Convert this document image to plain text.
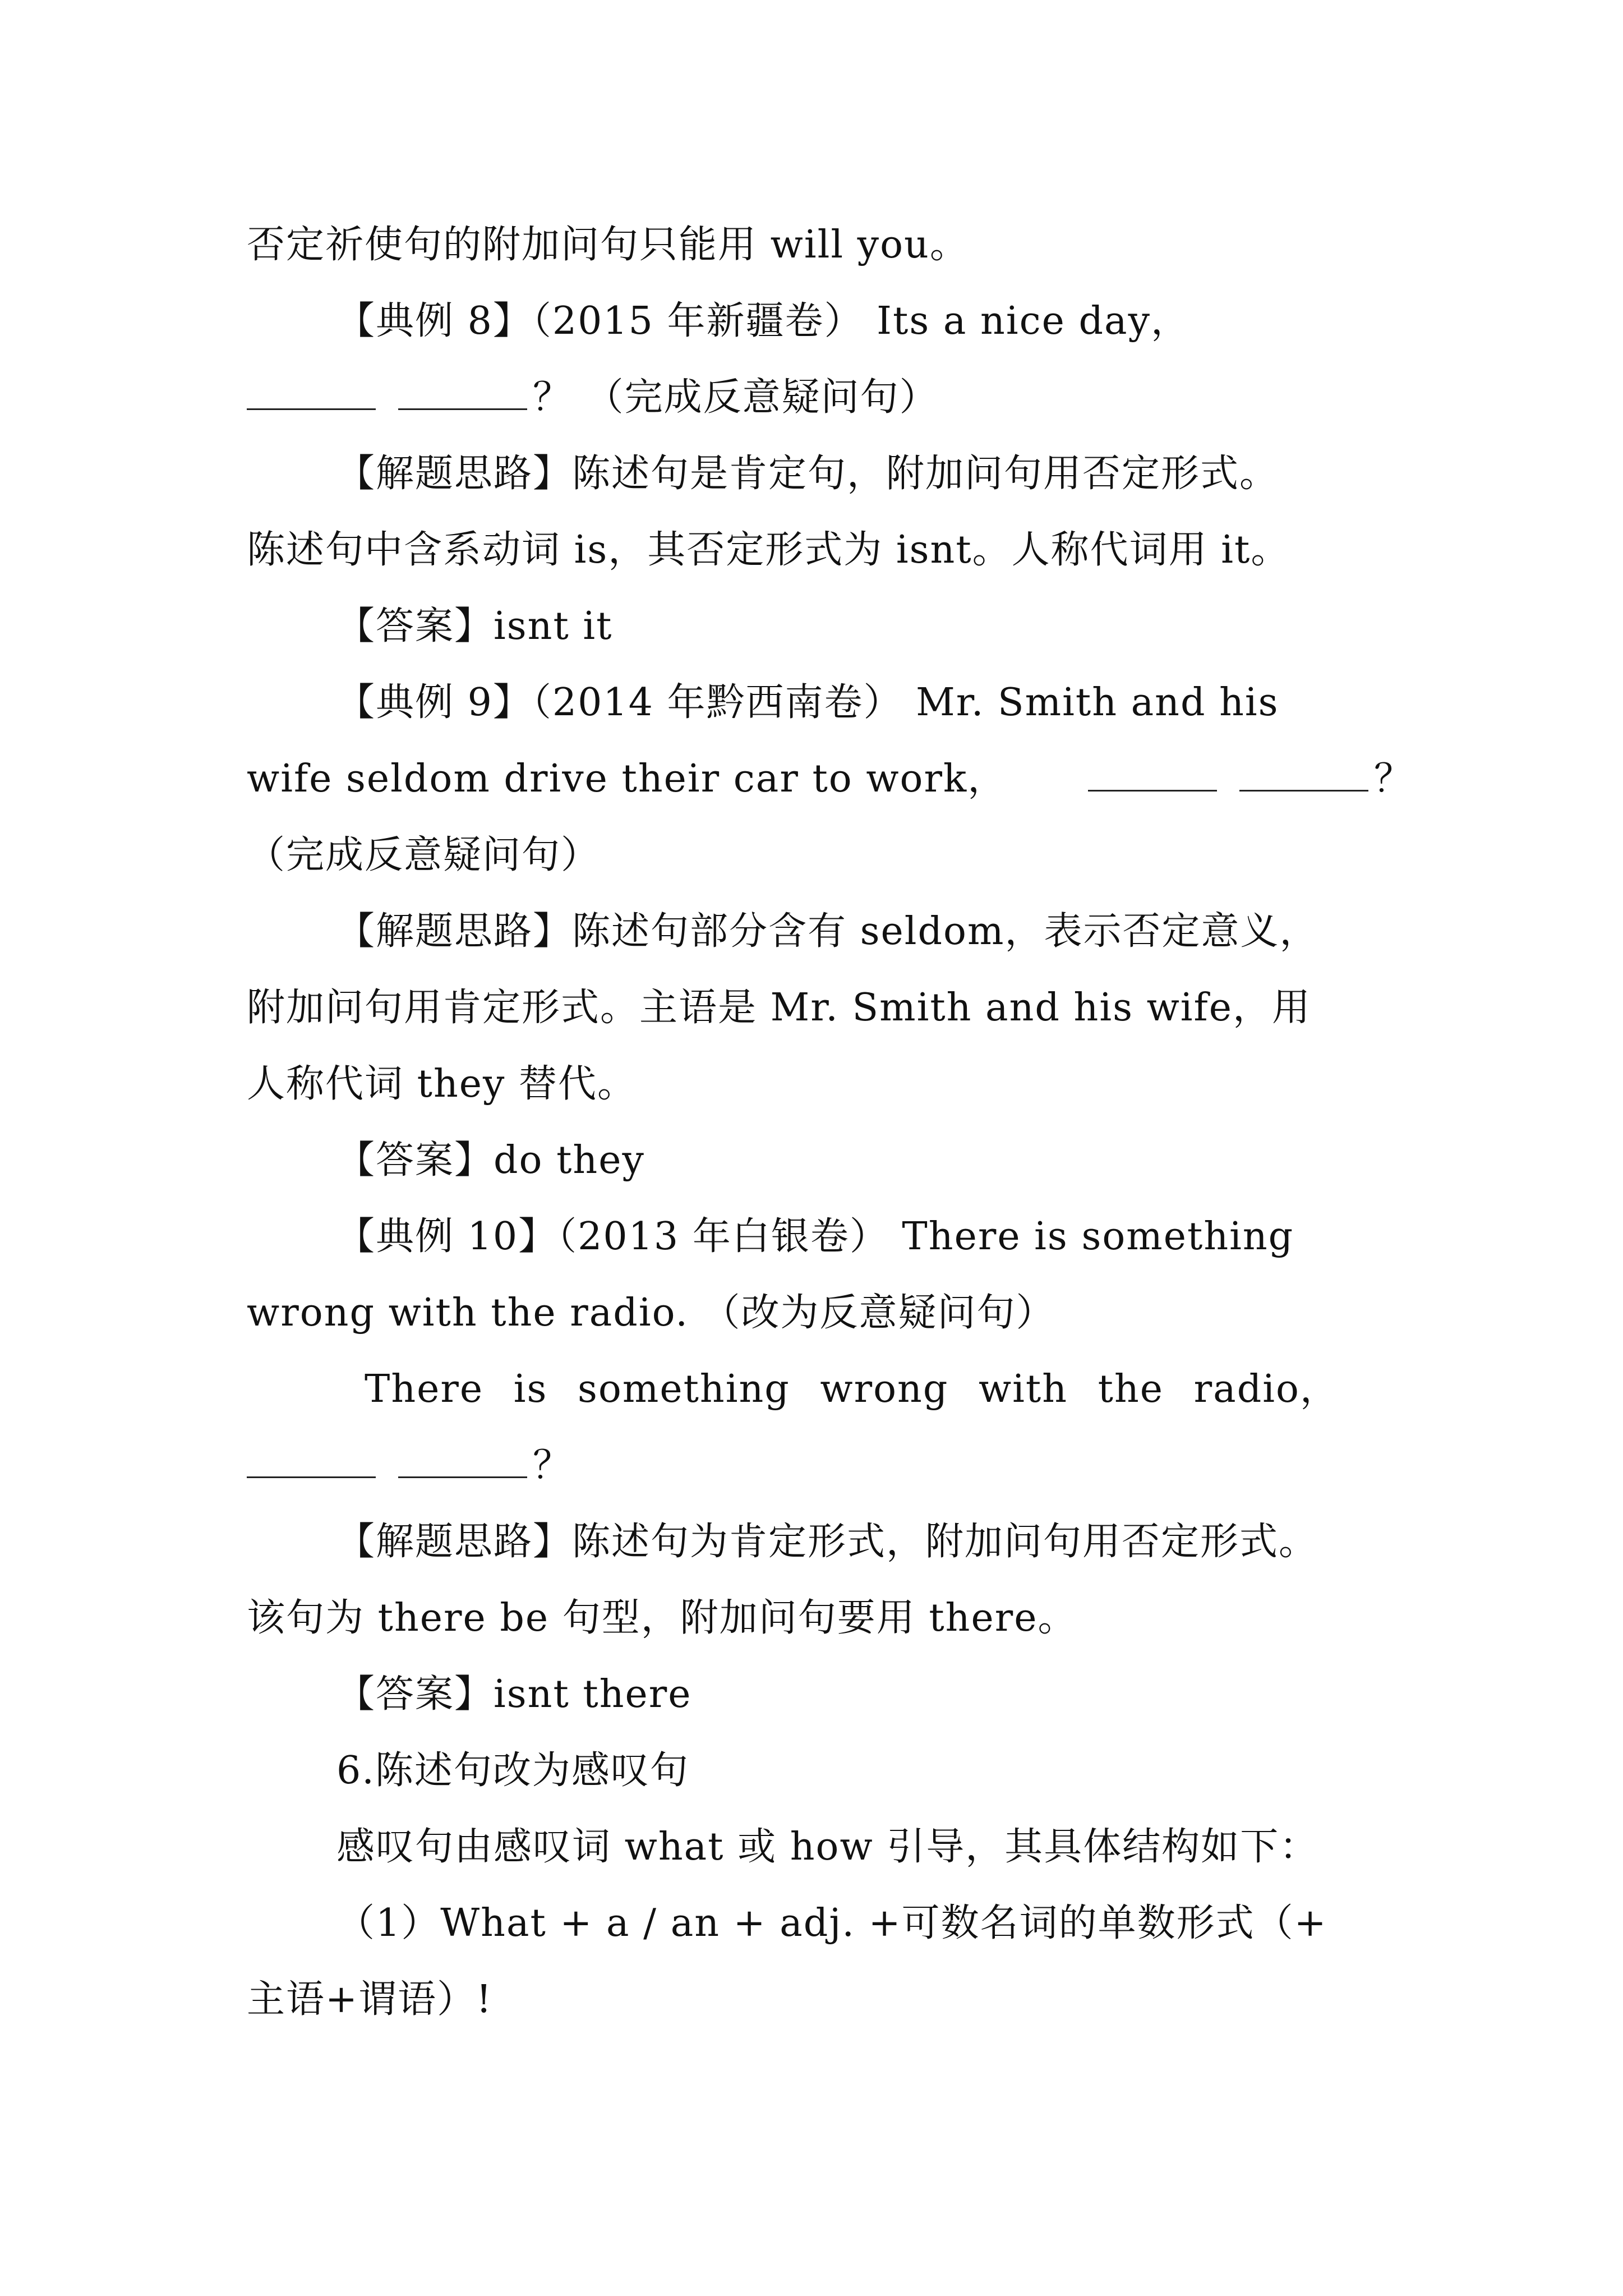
否定祈使句的附加问句只能用 will you。
【典例 8】（2015 年新疆卷） Its a nice day，
？ （完成反意疑问句）
【解题思路】陈述句是肯定句，附加问句用否定形式。
陈述句中含系动词 is，其否定形式为 isnt。人称代词用 it。
【答案】isnt it
【典例 9】（2014 年黔西南卷） Mr. Smith and his
wife seldom drive their car to work，	？
（完成反意疑问句）
【解题思路】陈述句部分含有 seldom，表示否定意义，
附加问句用肯定形式。主语是 Mr. Smith and his wife，用
人称代词 they 替代。
【答案】do they
【典例 10】（2013 年白银卷） There is something
wrong with the radio. （改为反意疑问句）
There is something wrong with the radio，
？
【解题思路】陈述句为肯定形式，附加问句用否定形式。
该句为 there be 句型，附加问句要用 there。
【答案】isnt there
6.陈述句改为感叹句
感叹句由感叹词 what 或 how 引导，其具体结构如下：
（1）What + a / an + adj. +可数名词的单数形式（+
主语+谓语）!
